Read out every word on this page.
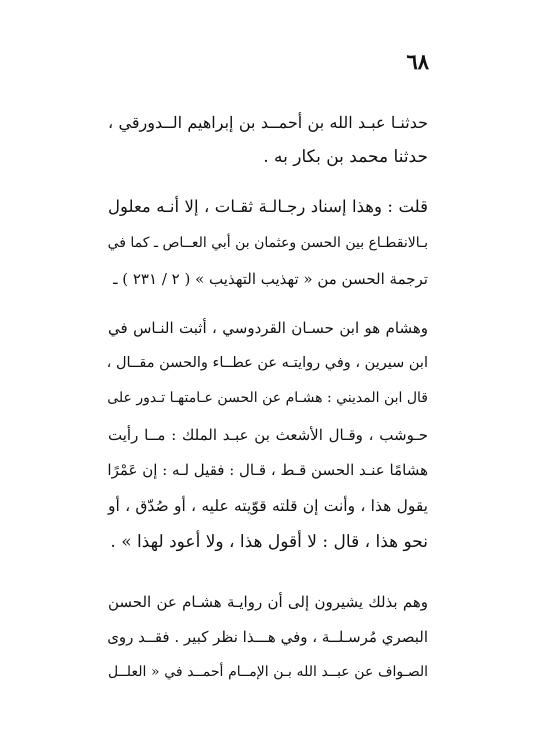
٦٨
حدثنـا عبـد الله بن أحمــد بن إبراهيم الــدورقي ،
حدثنا محمد بن بكار به .
قلت : وهذا إسناد رجـالـة ثقـات ، إلا أنـه معلول
بـالانقطـاع بين الحسن وعثمان بن أبي العــاص ـ كما في
ترجمة الحسن من « تهذيب التهذيب » ( ٢ / ٢٣١ ) ـ
وهشام هو ابن حسـان القردوسي ، أثبت النـاس في
ابن سيرين ، وفي روايتـه عن عطــاء والحسن مقــال ،
قال ابن المديني : هشـام عن الحسن عـامتهـا تـدور على
حـوشب ، وقـال الأشعث بن عبـد الملك : مــا رأيت
هشامًا عنـد الحسن قـط ، قـال : فقيل لـه : إن عَمْرًا
يقول هذا ، وأنت إن قلته قوّيته عليه ، أو صُدّق ، أو
نحو هذا ، قال : لا أقول هذا ، ولا أعود لهذا » .
وهم بذلك يشيرون إلى أن روايـة هشـام عن الحسن
البصري مُرسـلــة ، وفي هـــذا نظر كبير . فقــد روى
الصـواف عن عبــد الله بـن الإمــام أحمــد في « العلــل
